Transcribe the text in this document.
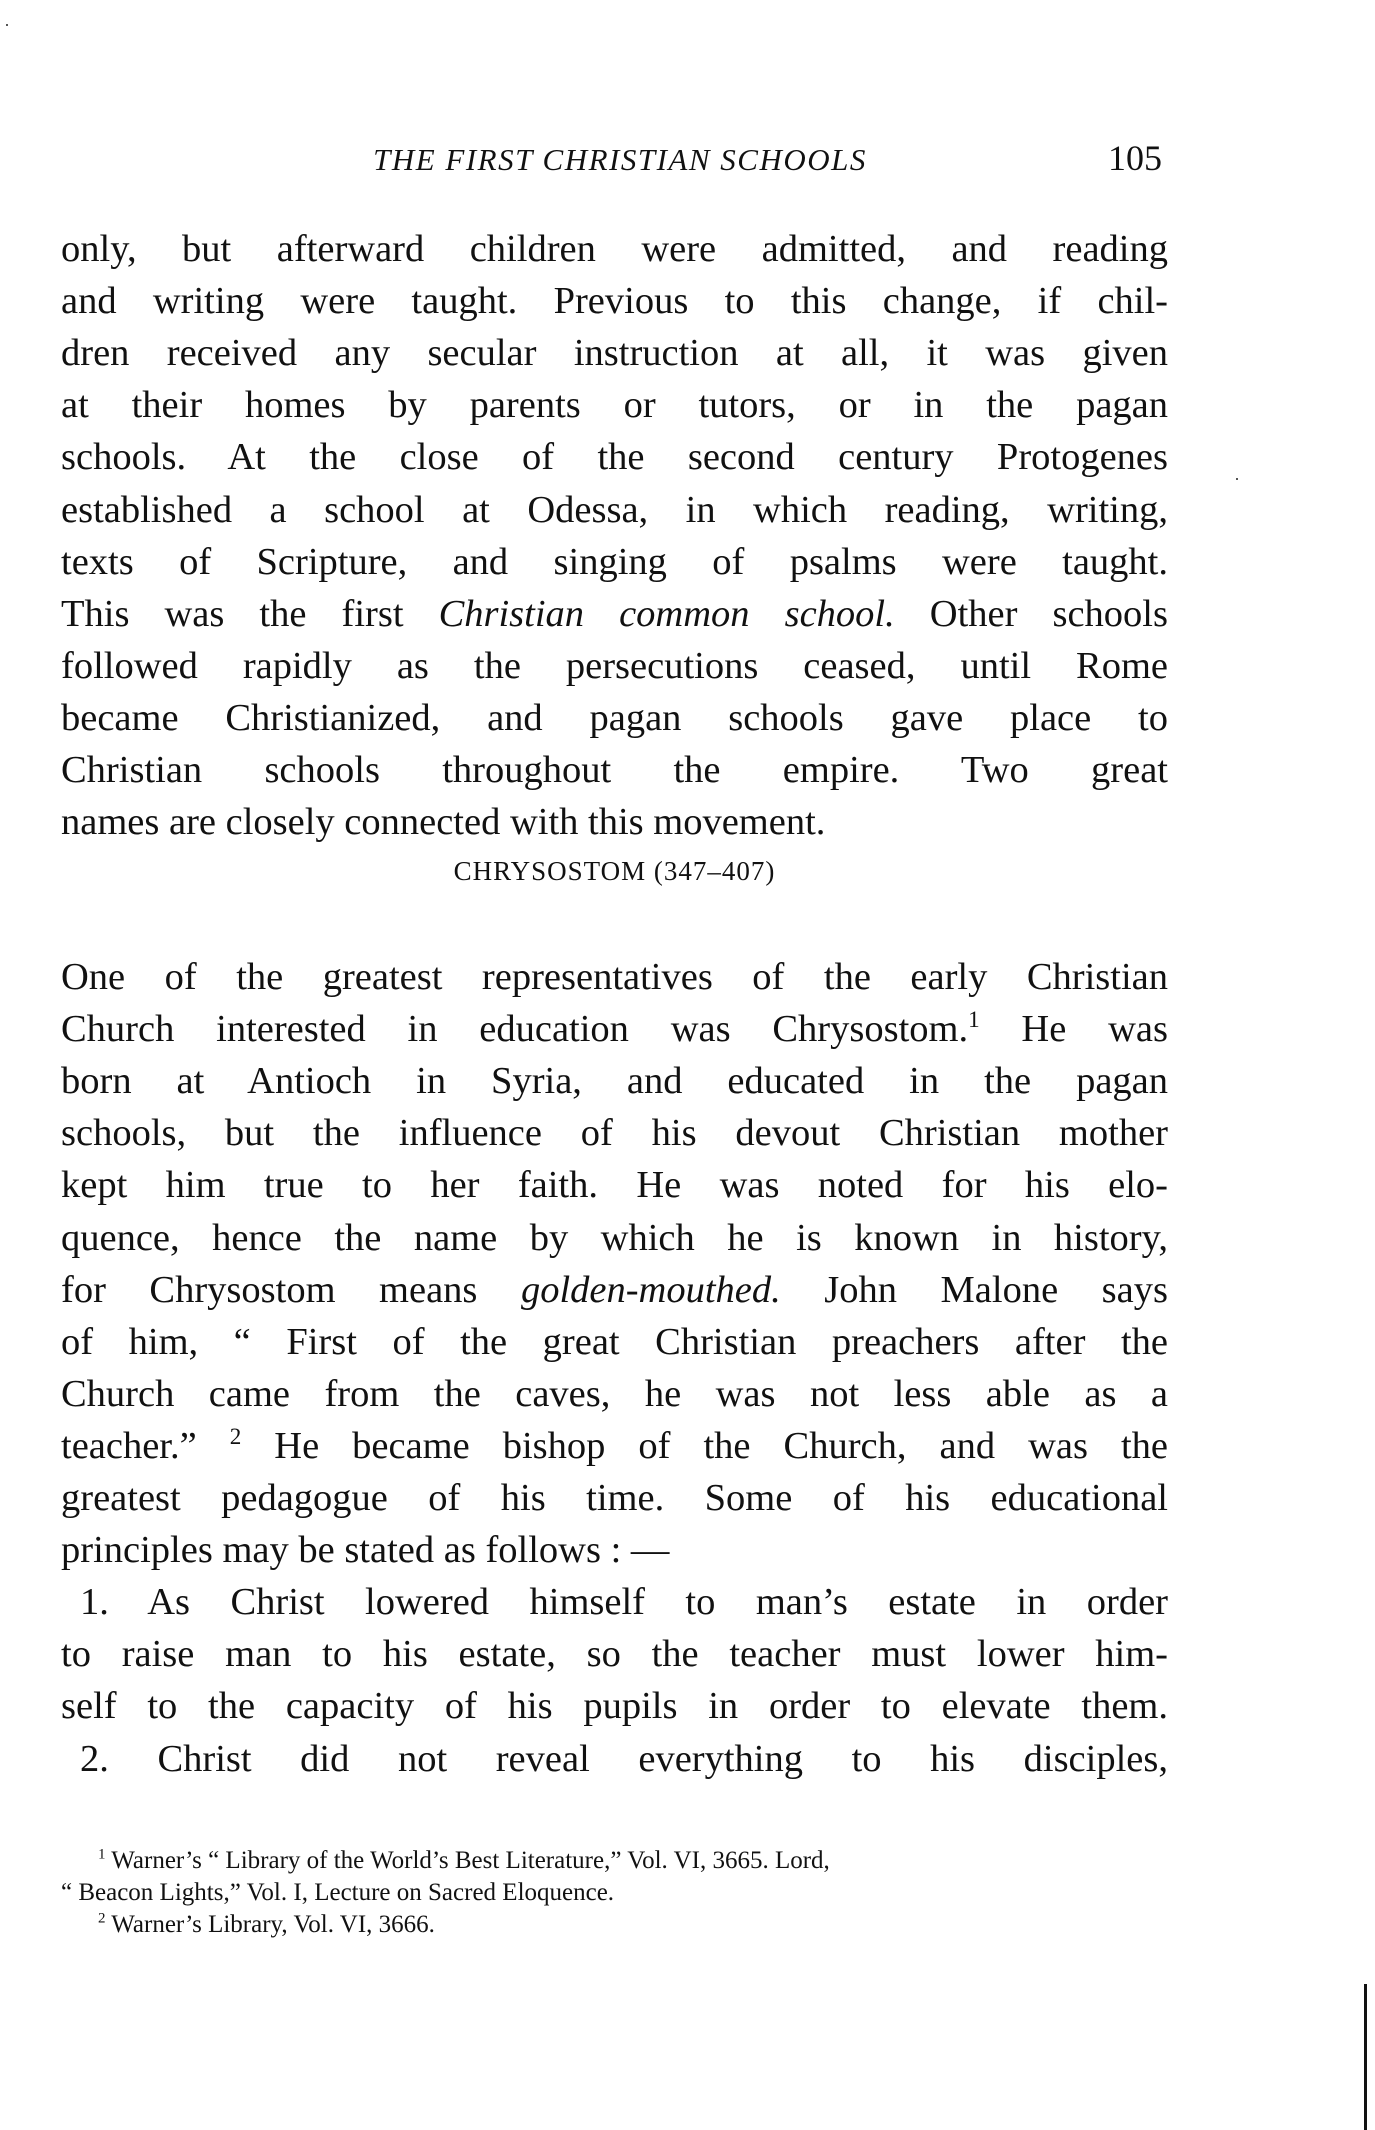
THE FIRST CHRISTIAN SCHOOLS	105
only, but afterward children were admitted, and reading
and writing were taught. Previous to this change, if chil-
dren received any secular instruction at all, it was given
at their homes by parents or tutors, or in the pagan
schools. At the close of the second century Protogenes
established a school at Odessa, in which reading, writing,
texts of Scripture, and singing of psalms were taught.
This was the first Christian common school. Other schools
followed rapidly as the persecutions ceased, until Rome
became Christianized, and pagan schools gave place to
Christian schools throughout the empire. Two great
names are closely connected with this movement.
CHRYSOSTOM (347–407)
One of the greatest representatives of the early Christian
Church interested in education was Chrysostom.$^1$ He was
born at Antioch in Syria, and educated in the pagan
schools, but the influence of his devout Christian mother
kept him true to her faith. He was noted for his elo-
quence, hence the name by which he is known in history,
for Chrysostom means golden-mouthed. John Malone says
of him, “ First of the great Christian preachers after the
Church came from the caves, he was not less able as a
teacher.” $^2$ He became bishop of the Church, and was the
greatest pedagogue of his time. Some of his educational
principles may be stated as follows : —
1. As Christ lowered himself to man’s estate in order
to raise man to his estate, so the teacher must lower him-
self to the capacity of his pupils in order to elevate them.
2. Christ did not reveal everything to his disciples,
$^1$ Warner’s “ Library of the World’s Best Literature,” Vol. VI, 3665. Lord,
“ Beacon Lights,” Vol. I, Lecture on Sacred Eloquence.
$^2$ Warner’s Library, Vol. VI, 3666.
